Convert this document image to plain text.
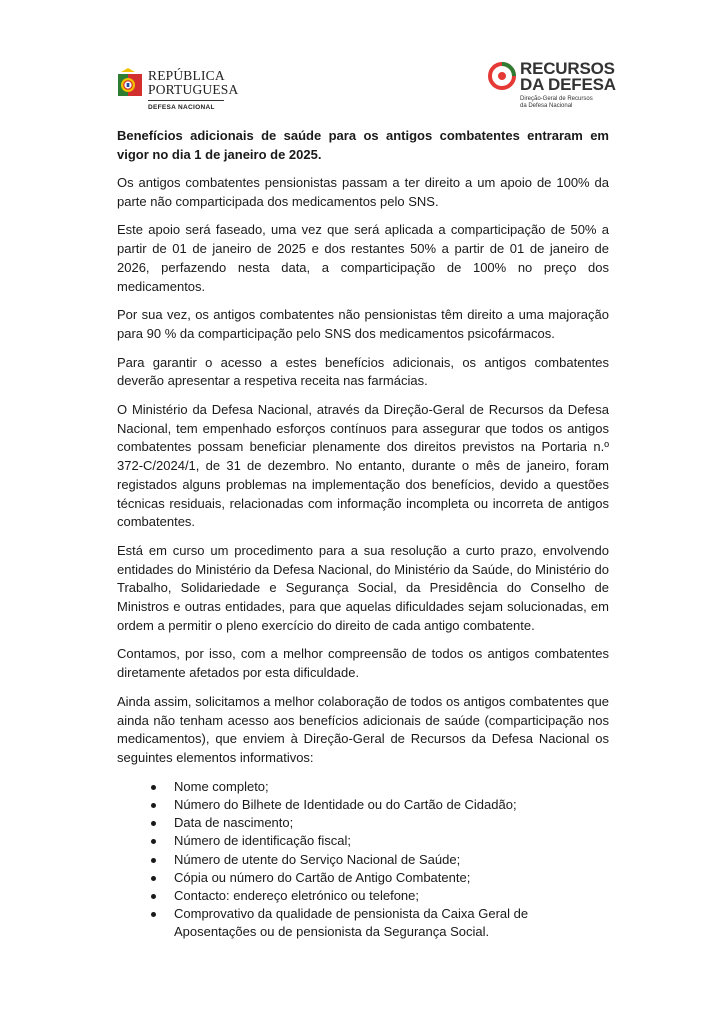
REPÚBLICA
PORTUGUESA
DEFESA NACIONAL
RECURSOS
DA DEFESA
Direção-Geral de Recursos
da Defesa Nacional
Benefícios adicionais de saúde para os antigos combatentes entraram em vigor no dia 1 de janeiro de 2025.

Os antigos combatentes pensionistas passam a ter direito a um apoio de 100% da parte não comparticipada dos medicamentos pelo SNS.

Este apoio será faseado, uma vez que será aplicada a comparticipação de 50% a partir de 01 de janeiro de 2025 e dos restantes 50% a partir de 01 de janeiro de 2026, perfazendo nesta data, a comparticipação de 100% no preço dos medicamentos.

Por sua vez, os antigos combatentes não pensionistas têm direito a uma majoração para 90 % da comparticipação pelo SNS dos medicamentos psicofármacos.

Para garantir o acesso a estes benefícios adicionais, os antigos combatentes deverão apresentar a respetiva receita nas farmácias.

O Ministério da Defesa Nacional, através da Direção-Geral de Recursos da Defesa Nacional, tem empenhado esforços contínuos para assegurar que todos os antigos combatentes possam beneficiar plenamente dos direitos previstos na Portaria n.º 372-C/2024/1, de 31 de dezembro. No entanto, durante o mês de janeiro, foram registados alguns problemas na implementação dos benefícios, devido a questões técnicas residuais, relacionadas com informação incompleta ou incorreta de antigos combatentes.

Está em curso um procedimento para a sua resolução a curto prazo, envolvendo entidades do Ministério da Defesa Nacional, do Ministério da Saúde, do Ministério do Trabalho, Solidariedade e Segurança Social, da Presidência do Conselho de Ministros e outras entidades, para que aquelas dificuldades sejam solucionadas, em ordem a permitir o pleno exercício do direito de cada antigo combatente.

Contamos, por isso, com a melhor compreensão de todos os antigos combatentes diretamente afetados por esta dificuldade.

Ainda assim, solicitamos a melhor colaboração de todos os antigos combatentes que ainda não tenham acesso aos benefícios adicionais de saúde (comparticipação nos medicamentos), que enviem à Direção-Geral de Recursos da Defesa Nacional os seguintes elementos informativos:

Nome completo;
Número do Bilhete de Identidade ou do Cartão de Cidadão;
Data de nascimento;
Número de identificação fiscal;
Número de utente do Serviço Nacional de Saúde;
Cópia ou número do Cartão de Antigo Combatente;
Contacto: endereço eletrónico ou telefone;
Comprovativo da qualidade de pensionista da Caixa Geral de Aposentações ou de pensionista da Segurança Social.
